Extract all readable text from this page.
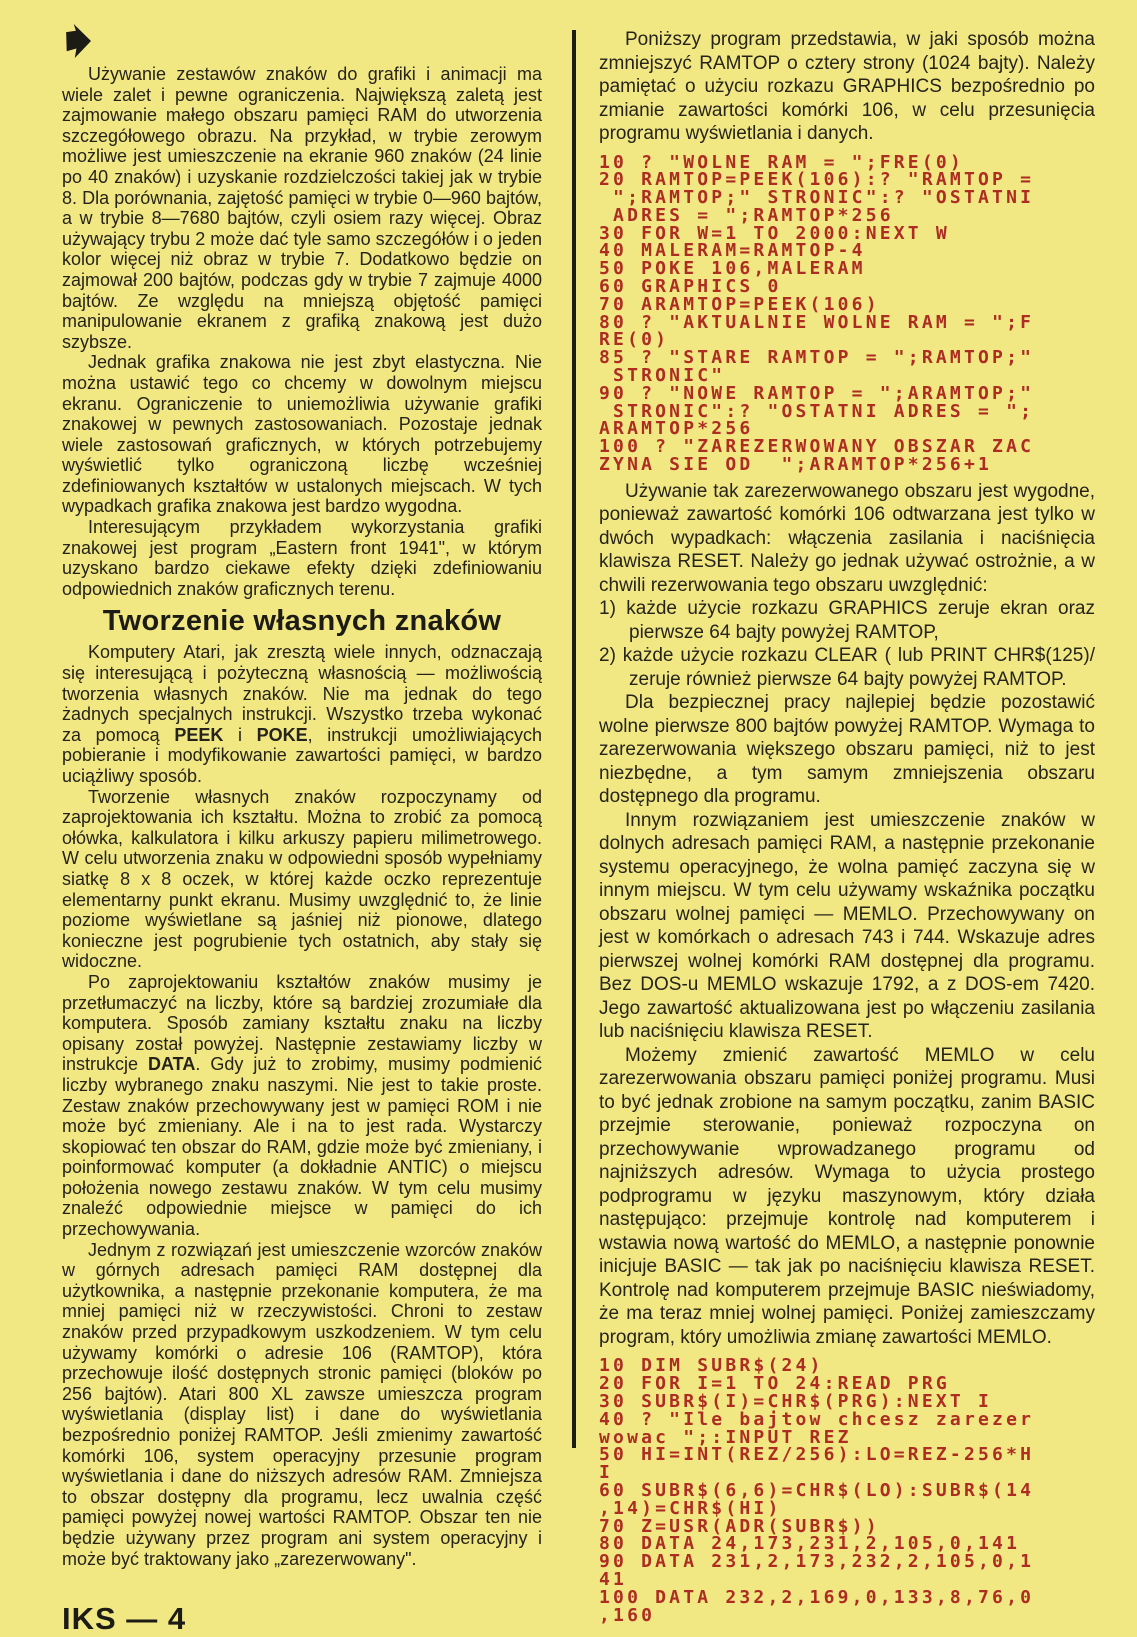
Używanie zestawów znaków do grafiki i animacji ma wiele zalet i pewne ograniczenia. Największą zaletą jest zajmowanie małego obszaru pamięci RAM do utworzenia szczegółowego obrazu. Na przykład, w trybie zerowym możliwe jest umieszczenie na ekranie 960 znaków (24 linie po 40 znaków) i uzyskanie rozdzielczości takiej jak w trybie 8. Dla porównania, zajętość pamięci w trybie 0—960 bajtów, a w trybie 8—7680 bajtów, czyli osiem razy więcej. Obraz używający trybu 2 może dać tyle samo szczegółów i o jeden kolor więcej niż obraz w trybie 7. Dodatkowo będzie on zajmował 200 bajtów, podczas gdy w trybie 7 zajmuje 4000 bajtów. Ze względu na mniejszą objętość pamięci manipulowanie ekranem z grafiką znakową jest dużo szybsze.

Jednak grafika znakowa nie jest zbyt elastyczna. Nie można ustawić tego co chcemy w dowolnym miejscu ekranu. Ograniczenie to uniemożliwia używanie grafiki znakowej w pewnych zastosowaniach. Pozostaje jednak wiele zastosowań graficznych, w których potrzebujemy wyświetlić tylko ograniczoną liczbę wcześniej zdefiniowanych kształtów w ustalonych miejscach. W tych wypadkach grafika znakowa jest bardzo wygodna.

Interesującym przykładem wykorzystania grafiki znakowej jest program „Eastern front 1941", w którym uzyskano bardzo ciekawe efekty dzięki zdefiniowaniu odpowiednich znaków graficznych terenu.

Tworzenie własnych znaków

Komputery Atari, jak zresztą wiele innych, odznaczają się interesującą i pożyteczną własnością — możliwością tworzenia własnych znaków. Nie ma jednak do tego żadnych specjalnych instrukcji. Wszystko trzeba wykonać za pomocą PEEK i POKE, instrukcji umożliwiających pobieranie i modyfikowanie zawartości pamięci, w bardzo uciążliwy sposób.

Tworzenie własnych znaków rozpoczynamy od zaprojektowania ich kształtu. Można to zrobić za pomocą ołówka, kalkulatora i kilku arkuszy papieru milimetrowego. W celu utworzenia znaku w odpowiedni sposób wypełniamy siatkę 8 x 8 oczek, w której każde oczko reprezentuje elementarny punkt ekranu. Musimy uwzględnić to, że linie poziome wyświetlane są jaśniej niż pionowe, dlatego konieczne jest pogrubienie tych ostatnich, aby stały się widoczne.

Po zaprojektowaniu kształtów znaków musimy je przetłumaczyć na liczby, które są bardziej zrozumiałe dla komputera. Sposób zamiany kształtu znaku na liczby opisany został powyżej. Następnie zestawiamy liczby w instrukcje DATA. Gdy już to zrobimy, musimy podmienić liczby wybranego znaku naszymi. Nie jest to takie proste. Zestaw znaków przechowywany jest w pamięci ROM i nie może być zmieniany. Ale i na to jest rada. Wystarczy skopiować ten obszar do RAM, gdzie może być zmieniany, i poinformować komputer (a dokładnie ANTIC) o miejscu położenia nowego zestawu znaków. W tym celu musimy znaleźć odpowiednie miejsce w pamięci do ich przechowywania.

Jednym z rozwiązań jest umieszczenie wzorców znaków w górnych adresach pamięci RAM dostępnej dla użytkownika, a następnie przekonanie komputera, że ma mniej pamięci niż w rzeczywistości. Chroni to zestaw znaków przed przypadkowym uszkodzeniem. W tym celu używamy komórki o adresie 106 (RAMTOP), która przechowuje ilość dostępnych stronic pamięci (bloków po 256 bajtów). Atari 800 XL zawsze umieszcza program wyświetlania (display list) i dane do wyświetlania bezpośrednio poniżej RAMTOP. Jeśli zmienimy zawartość komórki 106, system operacyjny przesunie program wyświetlania i dane do niższych adresów RAM. Zmniejsza to obszar dostępny dla programu, lecz uwalnia część pamięci powyżej nowej wartości RAMTOP. Obszar ten nie będzie używany przez program ani system operacyjny i może być traktowany jako „zarezerwowany".

IKS — 4

Poniższy program przedstawia, w jaki sposób można zmniejszyć RAMTOP o cztery strony (1024 bajty). Należy pamiętać o użyciu rozkazu GRAPHICS bezpośrednio po zmianie zawartości komórki 106, w celu przesunięcia programu wyświetlania i danych.

10 ? "WOLNE RAM = ";FRE(0)
20 RAMTOP=PEEK(106):? "RAMTOP =
";RAMTOP;" STRONIC":? "OSTATNI
ADRES = ";RAMTOP*256
30 FOR W=1 TO 2000:NEXT W
40 MALERAM=RAMTOP-4
50 POKE 106,MALERAM
60 GRAPHICS 0
70 ARAMTOP=PEEK(106)
80 ? "AKTUALNIE WOLNE RAM = ";F
RE(0)
85 ? "STARE RAMTOP = ";RAMTOP;"
STRONIC"
90 ? "NOWE RAMTOP = ";ARAMTOP;"
STRONIC":? "OSTATNI ADRES = ";
ARAMTOP*256
100 ? "ZAREZERWOWANY OBSZAR ZAC
ZYNA SIE OD  ";ARAMTOP*256+1

Używanie tak zarezerwowanego obszaru jest wygodne, ponieważ zawartość komórki 106 odtwarzana jest tylko w dwóch wypadkach: włączenia zasilania i naciśnięcia klawisza RESET. Należy go jednak używać ostrożnie, a w chwili rezerwowania tego obszaru uwzględnić:

1) każde użycie rozkazu GRAPHICS zeruje ekran oraz pierwsze 64 bajty powyżej RAMTOP,

2) każde użycie rozkazu CLEAR ( lub PRINT CHR$(125)/ zeruje również pierwsze 64 bajty powyżej RAMTOP.

Dla bezpiecznej pracy najlepiej będzie pozostawić wolne pierwsze 800 bajtów powyżej RAMTOP. Wymaga to zarezerwowania większego obszaru pamięci, niż to jest niezbędne, a tym samym zmniejszenia obszaru dostępnego dla programu.

Innym rozwiązaniem jest umieszczenie znaków w dolnych adresach pamięci RAM, a następnie przekonanie systemu operacyjnego, że wolna pamięć zaczyna się w innym miejscu. W tym celu używamy wskaźnika początku obszaru wolnej pamięci — MEMLO. Przechowywany on jest w komórkach o adresach 743 i 744. Wskazuje adres pierwszej wolnej komórki RAM dostępnej dla programu. Bez DOS-u MEMLO wskazuje 1792, a z DOS-em 7420. Jego zawartość aktualizowana jest po włączeniu zasilania lub naciśnięciu klawisza RESET.

Możemy zmienić zawartość MEMLO w celu zarezerwowania obszaru pamięci poniżej programu. Musi to być jednak zrobione na samym początku, zanim BASIC przejmie sterowanie, ponieważ rozpoczyna on przechowywanie wprowadzanego programu od najniższych adresów. Wymaga to użycia prostego podprogramu w języku maszynowym, który działa następująco: przejmuje kontrolę nad komputerem i wstawia nową wartość do MEMLO, a następnie ponownie inicjuje BASIC — tak jak po naciśnięciu klawisza RESET. Kontrolę nad komputerem przejmuje BASIC nieświadomy, że ma teraz mniej wolnej pamięci. Poniżej zamieszczamy program, który umożliwia zmianę zawartości MEMLO.

10 DIM SUBR$(24)
20 FOR I=1 TO 24:READ PRG
30 SUBR$(I)=CHR$(PRG):NEXT I
40 ? "Ile bajtow chcesz zarezer
wowac ";:INPUT REZ
50 HI=INT(REZ/256):LO=REZ-256*H
I
60 SUBR$(6,6)=CHR$(LO):SUBR$(14
,14)=CHR$(HI)
70 Z=USR(ADR(SUBR$))
80 DATA 24,173,231,2,105,0,141
90 DATA 231,2,173,232,2,105,0,1
41
100 DATA 232,2,169,0,133,8,76,0
,160
